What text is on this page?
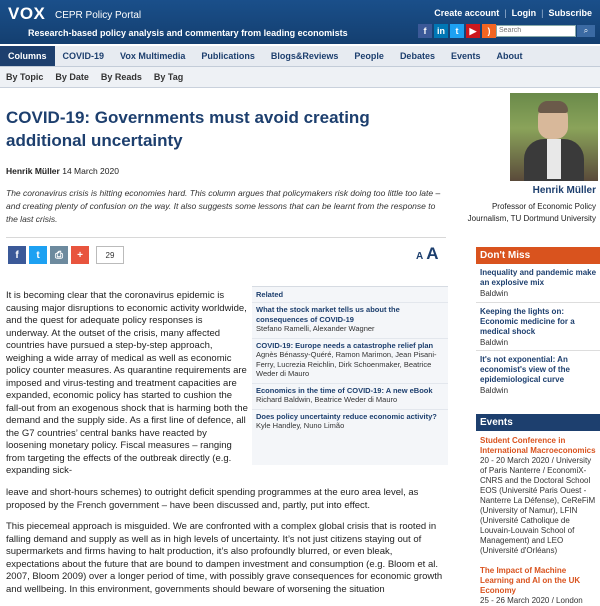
VOX CEPR Policy Portal
Research-based policy analysis and commentary from leading economists
Create account | Login | Subscribe
f	in	t	▶	)
Search	⌕
Columns	COVID-19	Vox Multimedia	Publications	Blogs&Reviews	People	Debates	Events	About
By Topic	By Date	By Reads	By Tag
COVID-19: Governments must avoid creating additional uncertainty
Henrik Müller 14 March 2020
The coronavirus crisis is hitting economies hard. This column argues that policymakers risk doing too little too late – and creating plenty of confusion on the way. It also suggests some lessons that can be learnt from the response to the last crisis.
f	t	⎙	+	29	A A
Related
What the stock market tells us about the consequences of COVID-19
Stefano Ramelli, Alexander Wagner
COVID-19: Europe needs a catastrophe relief plan
Agnès Bénassy-Quéré, Ramon Marimon, Jean Pisani-Ferry, Lucrezia Reichlin, Dirk Schoenmaker, Beatrice Weder di Mauro
Economics in the time of COVID-19: A new eBook
Richard Baldwin, Beatrice Weder di Mauro
Does policy uncertainty reduce economic activity?
Kyle Handley, Nuno Limão

It is becoming clear that the coronavirus epidemic is causing major disruptions to economic activity worldwide, and the quest for adequate policy responses is underway. At the outset of the crisis, many affected countries have pursued a step-by-step approach, weighing a wide array of medical as well as economic policy counter measures. As quarantine requirements are imposed and virus-testing and treatment capacities are expanded, economic policy has started to cushion the fall-out from an exogenous shock that is harming both the demand and the supply side. As a first line of defence, all the G7 countries’ central banks have reacted by loosening monetary policy. Fiscal measures – ranging from targeting the effects of the outbreak directly (e.g. expanding sick-

leave and short-hours schemes) to outright deficit spending programmes at the euro area level, as proposed by the French government – have been discussed and, partly, put into effect.

This piecemeal approach is misguided. We are confronted with a complex global crisis that is rooted in falling demand and supply as well as in high levels of uncertainty. It’s not just citizens staying out of supermarkets and firms having to halt production, it’s also profoundly blurred, or even bleak, expectations about the future that are bound to dampen investment and consumption (e.g. Bloom et al. 2007, Bloom 2009) over a longer period of time, with possibly grave consequences for economic growth and wellbeing. In this environment, governments should beware of worsening the situation

Henrik Müller
Professor of Economic Policy Journalism, TU Dortmund University
Don't Miss
Inequality and pandemic make an explosive mix
Baldwin
Keeping the lights on: Economic medicine for a medical shock
Baldwin
It's not exponential: An economist's view of the epidemiological curve
Baldwin
Events
Student Conference in International Macroeconomics
20 - 20 March 2020 / University of Paris Nanterre / EconomiX-CNRS and the Doctoral School EOS (Université Paris Ouest - Nanterre La Défense), CeReFiM (University of Namur), LFIN (Université Catholique de Louvain-Louvain School of Management) and LEO (Université d'Orléans)
The Impact of Machine Learning and AI on the UK Economy
25 - 26 March 2020 / London
